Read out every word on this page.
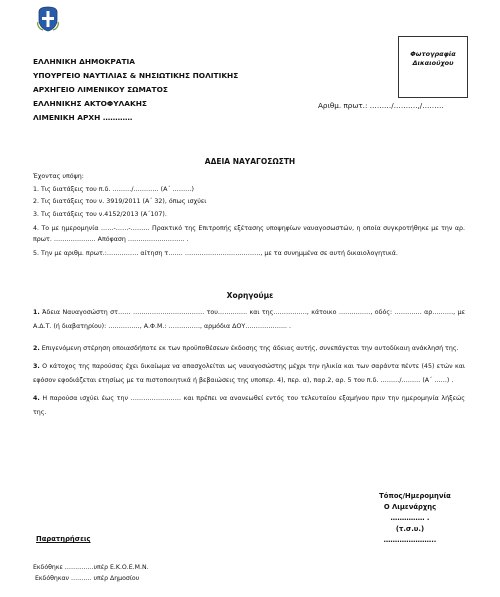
ΕΛΛΗΝΙΚΗ ΔΗΜΟΚΡΑΤΙΑ
ΥΠΟΥΡΓΕΙΟ ΝΑΥΤΙΛΙΑΣ & ΝΗΣΙΩΤΙΚΗΣ ΠΟΛΙΤΙΚΗΣ
ΑΡΧΗΓΕΙΟ ΛΙΜΕΝΙΚΟΥ ΣΩΜΑΤΟΣ
ΕΛΛΗΝΙΚΗΣ ΑΚΤΟΦΥΛΑΚΗΣ
ΛΙΜΕΝΙΚΗ ΑΡΧΗ …………
Φωτογραφία
Δικαιούχου
Αριθμ. πρωτ.: ………/……….,/………
ΑΔΕΙΑ ΝΑΥΑΓΟΣΩΣΤΗ
Έχοντας υπόψη:
1. Τις διατάξεις του π.δ. ………/………… (Α΄ ………)
2. Τις διατάξεις του ν. 3919/2011 (Α΄ 32), όπως ισχύει
3. Τις διατάξεις του ν.4152/2013 (Α΄107).
4. Το με ημερομηνία ……-……-……… Πρακτικό της Επιτροπής εξέτασης υποψηφίων ναυαγοσωστών, η οποία συγκροτήθηκε με την αρ. πρωτ. ……………….. Απόφαση ……………………… .
5. Την με αριθμ. πρωτ.:…………… αίτηση τ……. ………………………………, με τα συνημμένα σε αυτή δικαιολογητικά.
Χορηγούμε

1. Άδεια Ναυαγοσώστη στ…… ……………………………. του………….. και της……………., κάτοικο ……………, οδός: …………. αρ.………, με Α.Δ.Τ. (ή διαβατηρίου): ……………, Α.Φ.Μ.: ……………, αρμόδια ΔΟΥ……………….. .

2. Επιγενόμενη στέρηση οποιασδήποτε εκ των προϋποθέσεων έκδοσης της άδειας αυτής, συνεπάγεται την αυτοδίκαιη ανάκλησή της.

3. Ο κάτοχος της παρούσας έχει δικαίωμα να απασχολείται ως ναυαγοσώστης μέχρι την ηλικία και των σαράντα πέντε (45) ετών και εφόσον εφοδιάζεται ετησίως με τα πιστοποιητικά ή βεβαιώσεις της υποπερ. 4), περ. α), παρ.2, αρ. 5 του π.δ. ………/……… (Α΄ ……) .

4. Η παρούσα ισχύει έως την …………………… και πρέπει να ανανεωθεί εντός του τελευταίου εξαμήνου πριν την ημερομηνία λήξεώς της.

Τόπος/Ημερομηνία
Ο Λιμενάρχης
…………… .
(τ.σ.υ.)
…………………..
Παρατηρήσεις
Εκδόθηκε …………..υπέρ Ε.Κ.Ο.Ε.Μ.Ν.
Εκδόθηκαν ………. υπέρ Δημοσίου
